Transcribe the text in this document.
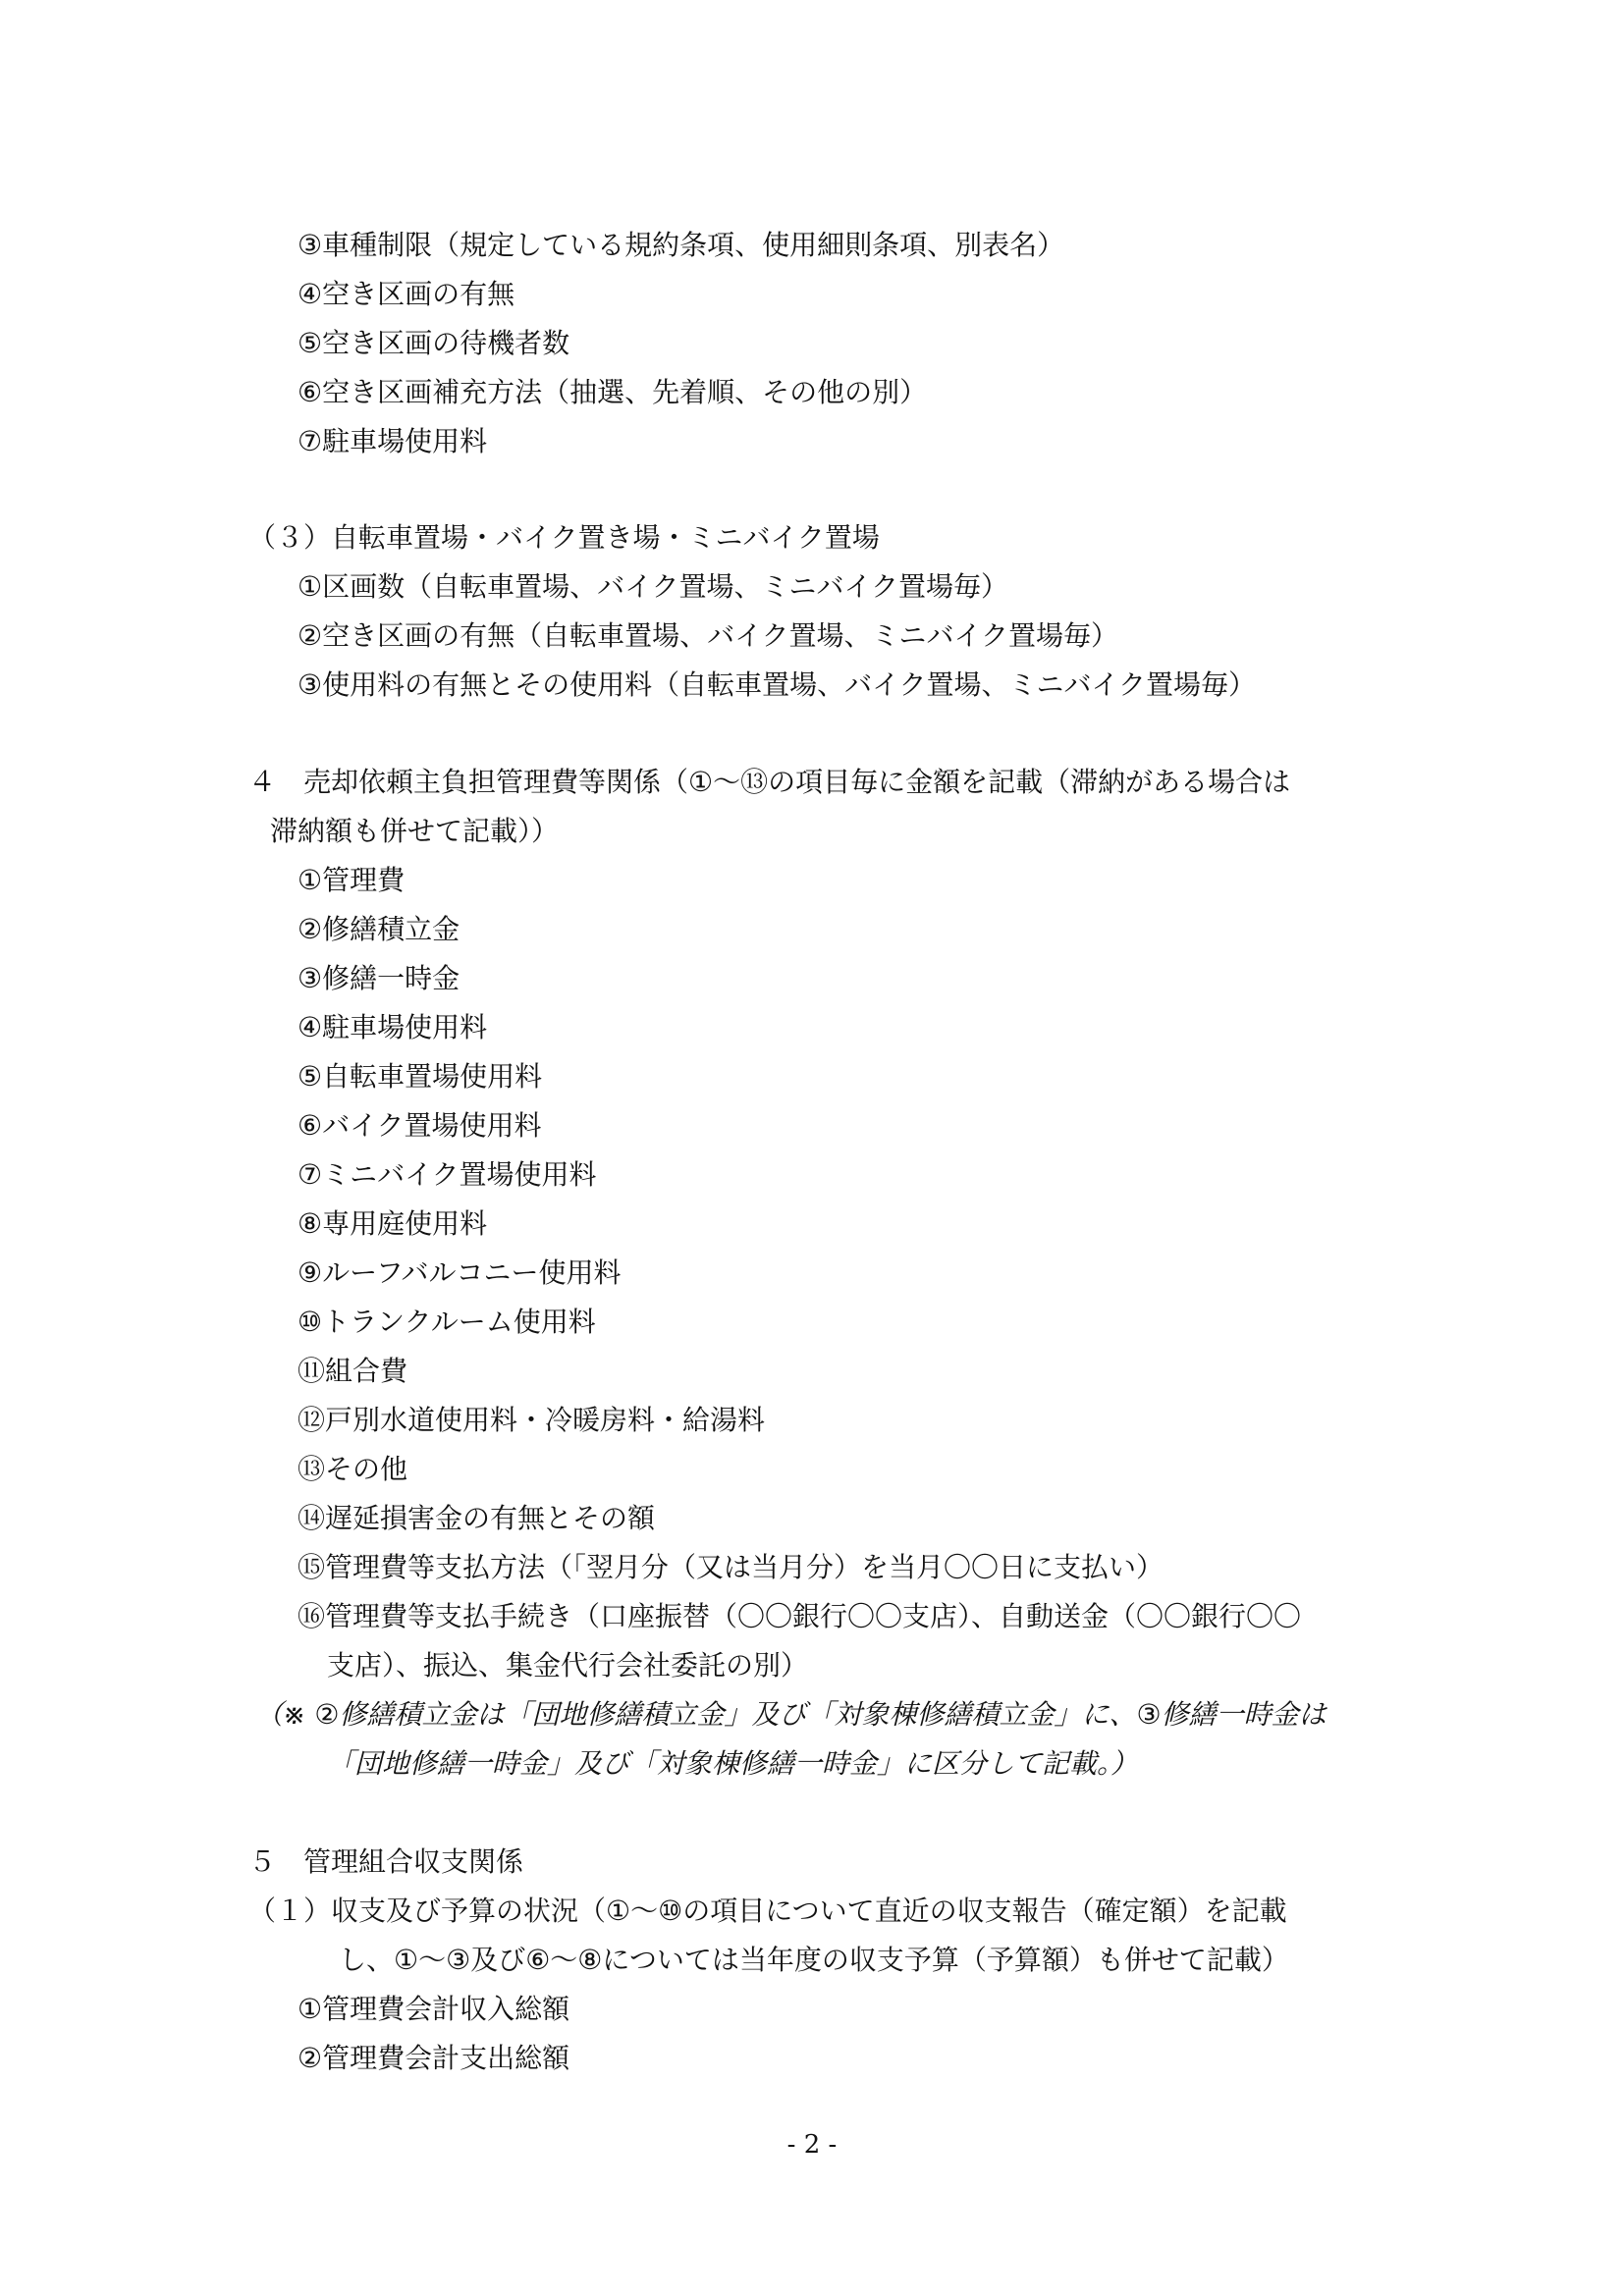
③車種制限（規定している規約条項、使用細則条項、別表名）
④空き区画の有無
⑤空き区画の待機者数
⑥空き区画補充方法（抽選、先着順、その他の別）
⑦駐車場使用料
（３）自転車置場・バイク置き場・ミニバイク置場
①区画数（自転車置場、バイク置場、ミニバイク置場毎）
②空き区画の有無（自転車置場、バイク置場、ミニバイク置場毎）
③使用料の有無とその使用料（自転車置場、バイク置場、ミニバイク置場毎）
４　売却依頼主負担管理費等関係（①～⑬の項目毎に金額を記載（滞納がある場合は
滞納額も併せて記載））
①管理費
②修繕積立金
③修繕一時金
④駐車場使用料
⑤自転車置場使用料
⑥バイク置場使用料
⑦ミニバイク置場使用料
⑧専用庭使用料
⑨ルーフバルコニー使用料
⑩トランクルーム使用料
⑪組合費
⑫戸別水道使用料・冷暖房料・給湯料
⑬その他
⑭遅延損害金の有無とその額
⑮管理費等支払方法（「翌月分（又は当月分）を当月〇〇日に支払い）
⑯管理費等支払手続き（口座振替（〇〇銀行〇〇支店）、自動送金（〇〇銀行〇〇
支店）、振込、集金代行会社委託の別）
（※ ②修繕積立金は「団地修繕積立金」及び「対象棟修繕積立金」に、③修繕一時金は
「団地修繕一時金」及び「対象棟修繕一時金」に区分して記載。）
５　管理組合収支関係
（１）収支及び予算の状況（①～⑩の項目について直近の収支報告（確定額）を記載
し、①～③及び⑥～⑧については当年度の収支予算（予算額）も併せて記載）
①管理費会計収入総額
②管理費会計支出総額
- 2 -
